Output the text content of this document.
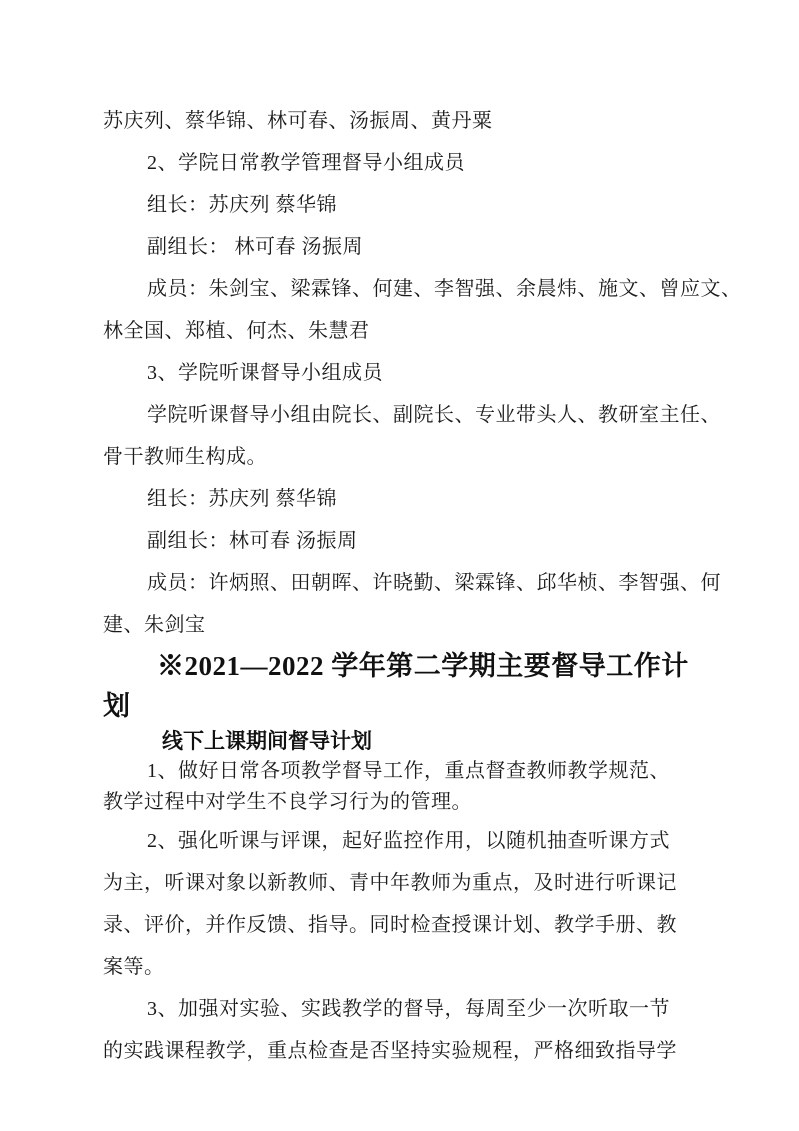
苏庆列、蔡华锦、林可春、汤振周、黄丹粟
2、学院日常教学管理督导小组成员
组长：苏庆列 蔡华锦
副组长： 林可春 汤振周
成员：朱剑宝、梁霖锋、何建、李智强、余晨炜、施文、曾应文、
林全国、郑植、何杰、朱慧君
3、学院听课督导小组成员
学院听课督导小组由院长、副院长、专业带头人、教研室主任、
骨干教师生构成。
组长：苏庆列 蔡华锦
副组长：林可春 汤振周
成员：许炳照、田朝晖、许晓勤、梁霖锋、邱华桢、李智强、何
建、朱剑宝
※2021—2022 学年第二学期主要督导工作计划
线下上课期间督导计划
1、做好日常各项教学督导工作，重点督查教师教学规范、
教学过程中对学生不良学习行为的管理。
2、强化听课与评课，起好监控作用，以随机抽查听课方式
为主，听课对象以新教师、青中年教师为重点，及时进行听课记
录、评价，并作反馈、指导。同时检查授课计划、教学手册、教
案等。
3、加强对实验、实践教学的督导，每周至少一次听取一节
的实践课程教学，重点检查是否坚持实验规程，严格细致指导学
